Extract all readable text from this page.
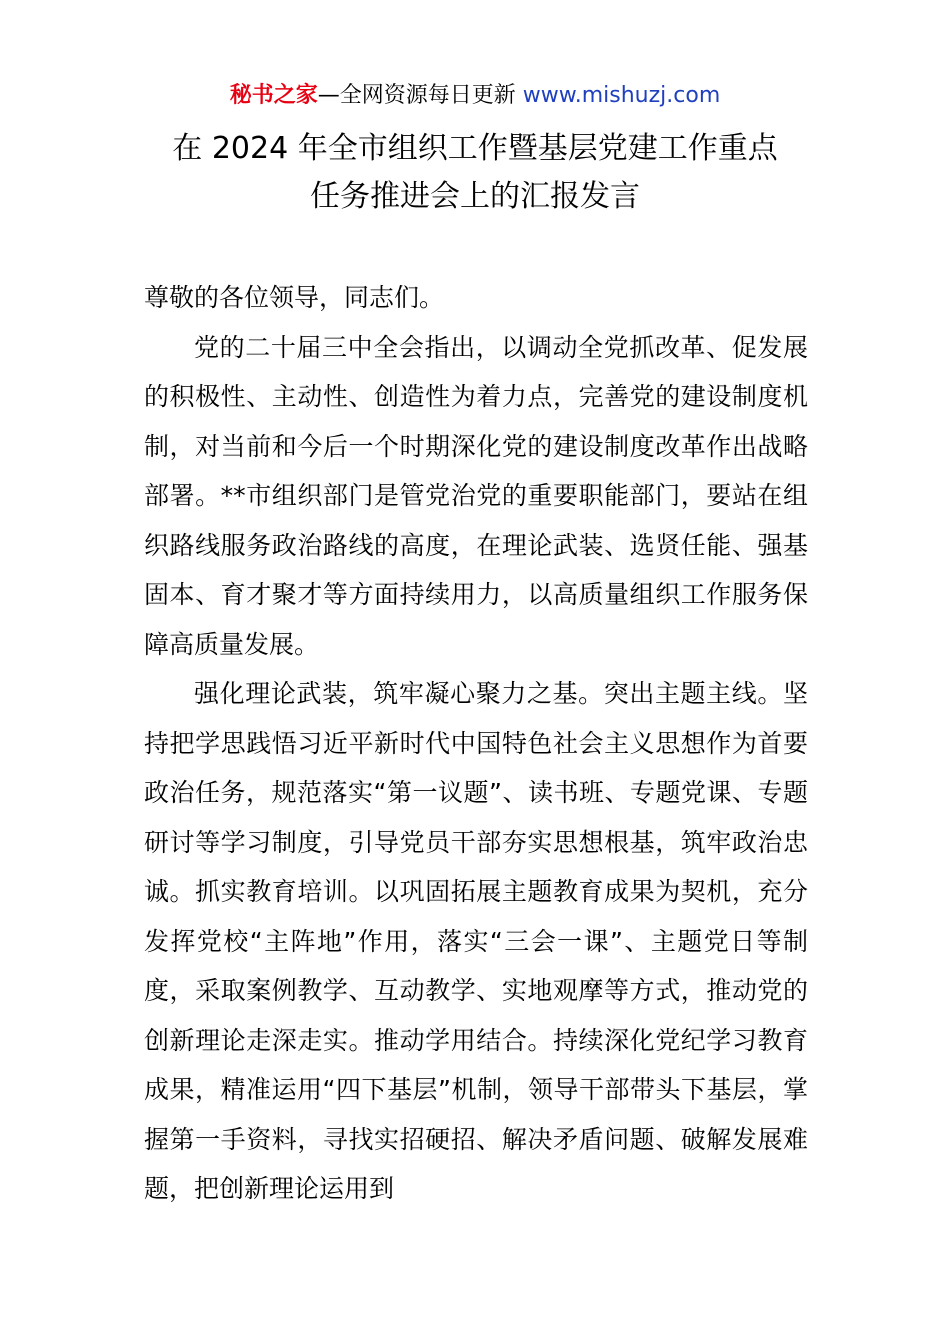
秘书之家—全网资源每日更新 www.mishuzj.com
在 2024 年全市组织工作暨基层党建工作重点
任务推进会上的汇报发言

尊敬的各位领导，同志们。

党的二十届三中全会指出，以调动全党抓改革、促发展的积极性、主动性、创造性为着力点，完善党的建设制度机制，对当前和今后一个时期深化党的建设制度改革作出战略部署。**市组织部门是管党治党的重要职能部门，要站在组织路线服务政治路线的高度，在理论武装、选贤任能、强基固本、育才聚才等方面持续用力，以高质量组织工作服务保障高质量发展。

强化理论武装，筑牢凝心聚力之基。突出主题主线。坚持把学思践悟习近平新时代中国特色社会主义思想作为首要政治任务，规范落实“第一议题”、读书班、专题党课、专题研讨等学习制度，引导党员干部夯实思想根基，筑牢政治忠诚。抓实教育培训。以巩固拓展主题教育成果为契机，充分发挥党校“主阵地”作用，落实“三会一课”、主题党日等制度，采取案例教学、互动教学、实地观摩等方式，推动党的创新理论走深走实。推动学用结合。持续深化党纪学习教育成果，精准运用“四下基层”机制，领导干部带头下基层，掌握第一手资料，寻找实招硬招、解决矛盾问题、破解发展难题，把创新理论运用到
